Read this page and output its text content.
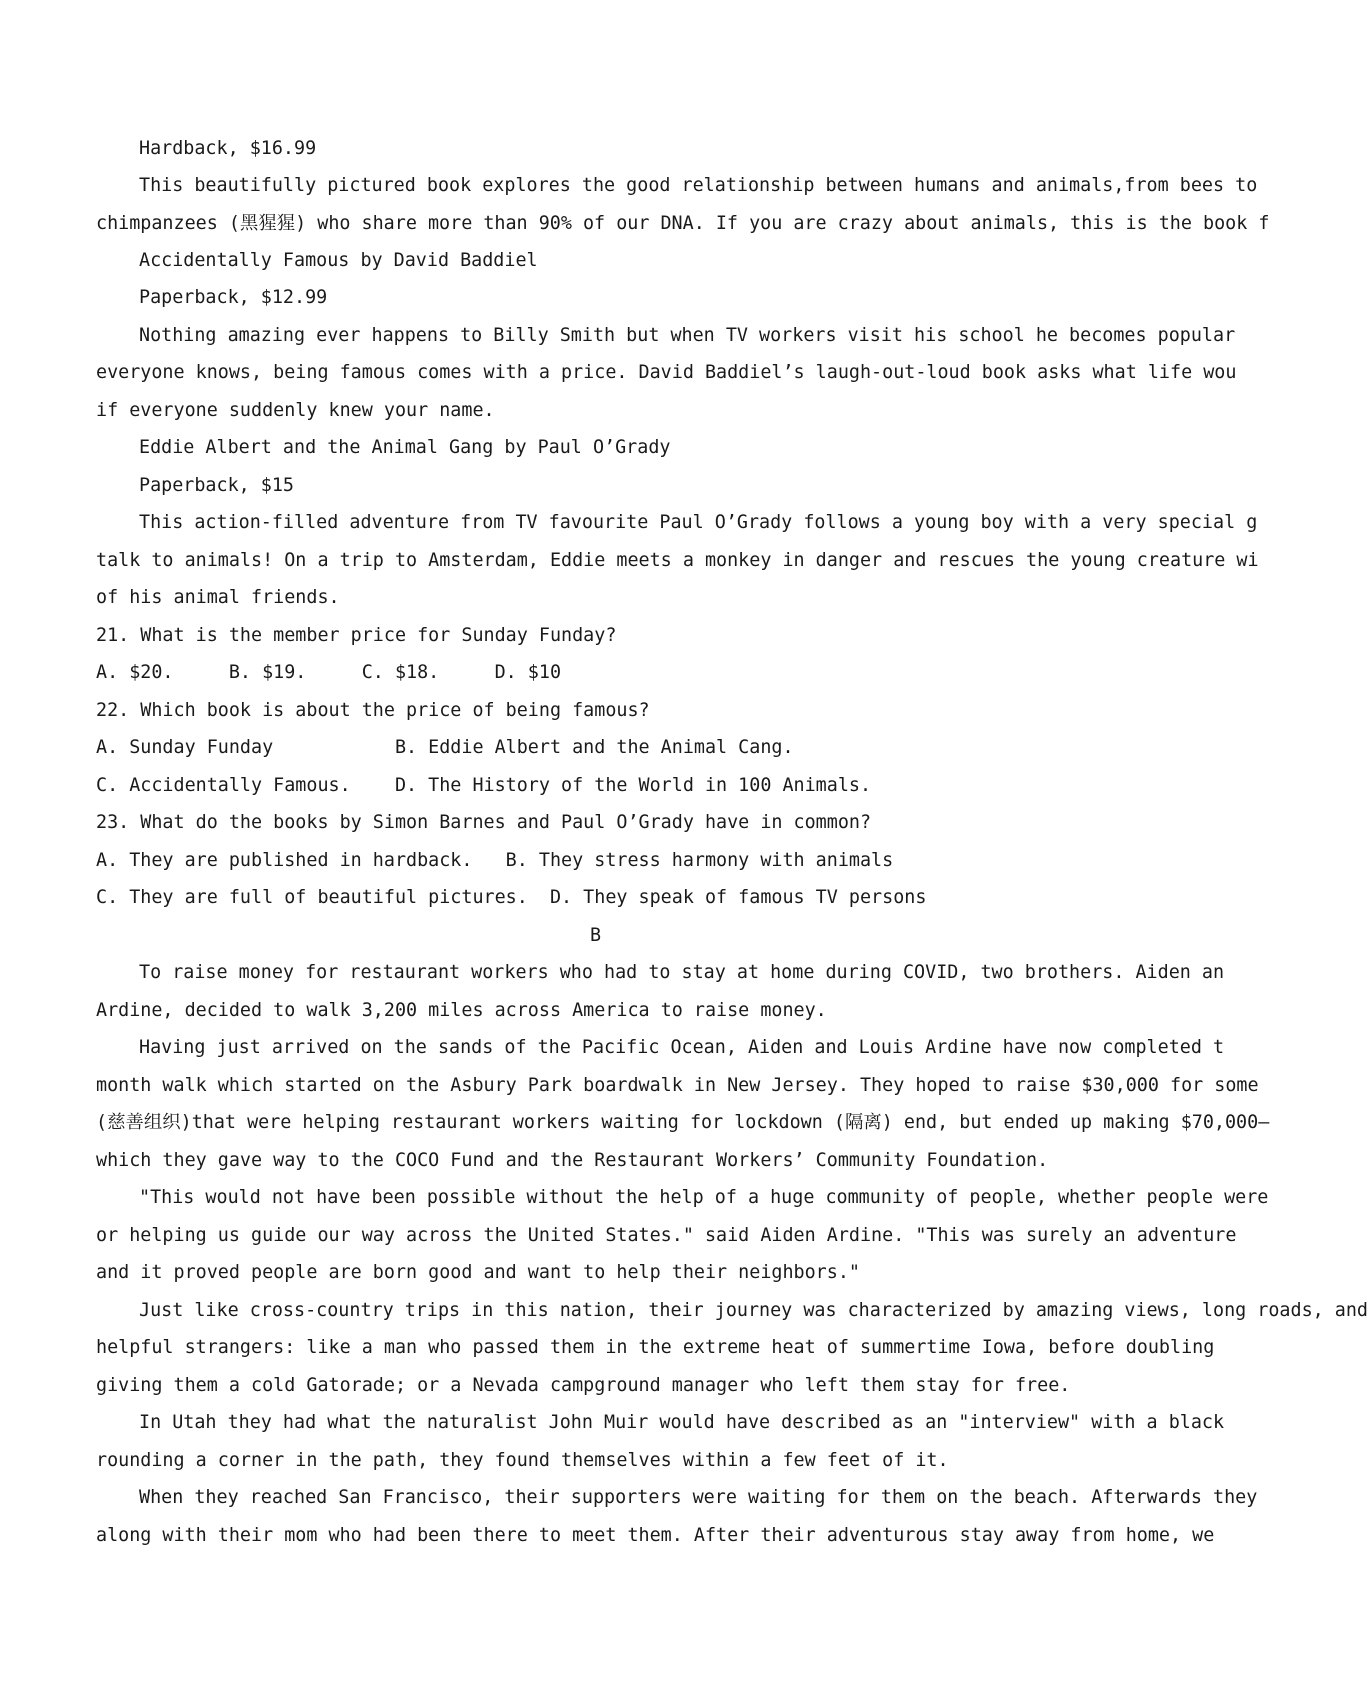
Hardback, $16.99
This beautifully pictured book explores the good relationship between humans and animals,from bees to
chimpanzees (黑猩猩) who share more than 90% of our DNA. If you are crazy about animals, this is the book f
Accidentally Famous by David Baddiel
Paperback, $12.99
Nothing amazing ever happens to Billy Smith but when TV workers visit his school he becomes popular
everyone knows, being famous comes with a price. David Baddiel’s laugh-out-loud book asks what life wou
if everyone suddenly knew your name.
Eddie Albert and the Animal Gang by Paul O’Grady
Paperback, $15
This action-filled adventure from TV favourite Paul O’Grady follows a young boy with a very special g
talk to animals! On a trip to Amsterdam, Eddie meets a monkey in danger and rescues the young creature wi
of his animal friends.
21. What is the member price for Sunday Funday?
A. $20.     B. $19.     C. $18.     D. $10
22. Which book is about the price of being famous?
A. Sunday Funday           B. Eddie Albert and the Animal Cang.
C. Accidentally Famous.    D. The History of the World in 100 Animals.
23. What do the books by Simon Barnes and Paul O’Grady have in common?
A. They are published in hardback.   B. They stress harmony with animals
C. They are full of beautiful pictures.  D. They speak of famous TV persons
B
To raise money for restaurant workers who had to stay at home during COVID, two brothers. Aiden an
Ardine, decided to walk 3,200 miles across America to raise money.
Having just arrived on the sands of the Pacific Ocean, Aiden and Louis Ardine have now completed t
month walk which started on the Asbury Park boardwalk in New Jersey. They hoped to raise $30,000 for some
(慈善组织)that were helping restaurant workers waiting for lockdown (隔离) end, but ended up making $70,000—
which they gave way to the COCO Fund and the Restaurant Workers’ Community Foundation.
"This would not have been possible without the help of a huge community of people, whether people were
or helping us guide our way across the United States." said Aiden Ardine. "This was surely an adventure
and it proved people are born good and want to help their neighbors."
Just like cross-country trips in this nation, their journey was characterized by amazing views, long roads, and
helpful strangers: like a man who passed them in the extreme heat of summertime Iowa, before doubling
giving them a cold Gatorade; or a Nevada campground manager who left them stay for free.
In Utah they had what the naturalist John Muir would have described as an "interview" with a black
rounding a corner in the path, they found themselves within a few feet of it.
When they reached San Francisco, their supporters were waiting for them on the beach. Afterwards they
along with their mom who had been there to meet them. After their adventurous stay away from home, we
